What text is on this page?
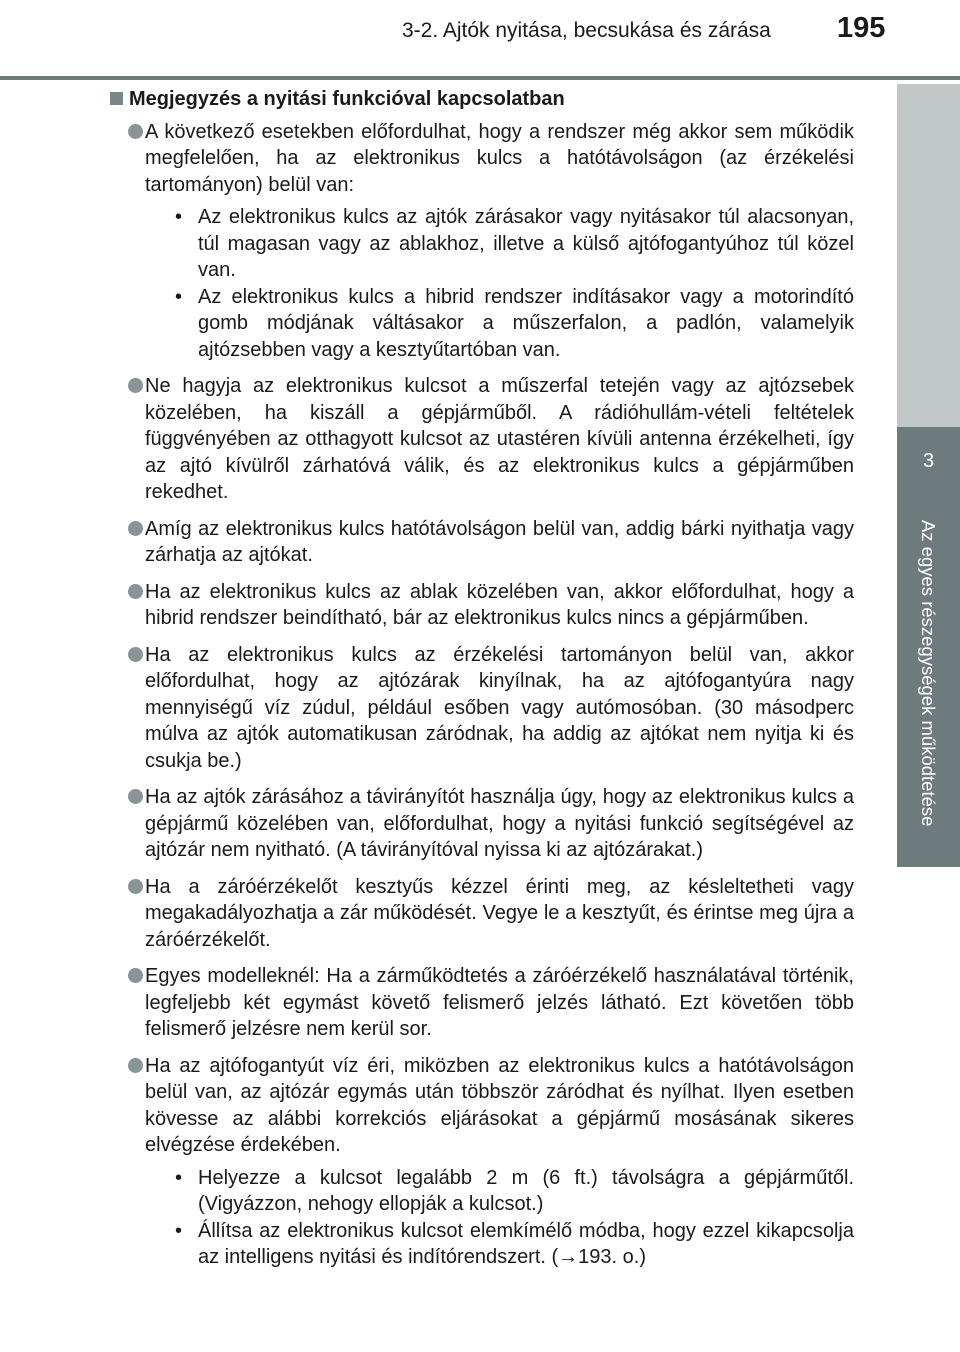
3-2. Ajtók nyitása, becsukása és zárása 195
3
Az egyes részegységek működtetése
Megjegyzés a nyitási funkcióval kapcsolatban
A következő esetekben előfordulhat, hogy a rendszer még akkor sem működik megfelelően, ha az elektronikus kulcs a hatótávolságon (az érzékelési tartományon) belül van:
• Az elektronikus kulcs az ajtók zárásakor vagy nyitásakor túl alacsonyan, túl magasan vagy az ablakhoz, illetve a külső ajtófogantyúhoz túl közel van.
• Az elektronikus kulcs a hibrid rendszer indításakor vagy a motorindító gomb módjának váltásakor a műszerfalon, a padlón, valamelyik ajtózsebben vagy a kesztyűtartóban van.
Ne hagyja az elektronikus kulcsot a műszerfal tetején vagy az ajtózsebek közelében, ha kiszáll a gépjárműből. A rádióhullám-vételi feltételek függvényében az otthagyott kulcsot az utastéren kívüli antenna érzékelheti, így az ajtó kívülről zárhatóvá válik, és az elektronikus kulcs a gépjárműben rekedhet.
Amíg az elektronikus kulcs hatótávolságon belül van, addig bárki nyithatja vagy zárhatja az ajtókat.
Ha az elektronikus kulcs az ablak közelében van, akkor előfordulhat, hogy a hibrid rendszer beindítható, bár az elektronikus kulcs nincs a gépjárműben.
Ha az elektronikus kulcs az érzékelési tartományon belül van, akkor előfordulhat, hogy az ajtózárak kinyílnak, ha az ajtófogantyúra nagy mennyiségű víz zúdul, például esőben vagy autómosóban. (30 másodperc múlva az ajtók automatikusan záródnak, ha addig az ajtókat nem nyitja ki és csukja be.)
Ha az ajtók zárásához a távirányítót használja úgy, hogy az elektronikus kulcs a gépjármű közelében van, előfordulhat, hogy a nyitási funkció segítségével az ajtózár nem nyitható. (A távirányítóval nyissa ki az ajtózárakat.)
Ha a záróérzékelőt kesztyűs kézzel érinti meg, az késleltetheti vagy megakadályozhatja a zár működését. Vegye le a kesztyűt, és érintse meg újra a záróérzékelőt.
Egyes modelleknél: Ha a zárműködtetés a záróérzékelő használatával történik, legfeljebb két egymást követő felismerő jelzés látható. Ezt követően több felismerő jelzésre nem kerül sor.
Ha az ajtófogantyút víz éri, miközben az elektronikus kulcs a hatótávolságon belül van, az ajtózár egymás után többször záródhat és nyílhat. Ilyen esetben kövesse az alábbi korrekciós eljárásokat a gépjármű mosásának sikeres elvégzése érdekében.
• Helyezze a kulcsot legalább 2 m (6 ft.) távolságra a gépjárműtől. (Vigyázzon, nehogy ellopják a kulcsot.)
• Állítsa az elektronikus kulcsot elemkímélő módba, hogy ezzel kikapcsolja az intelligens nyitási és indítórendszert. (→193. o.)
